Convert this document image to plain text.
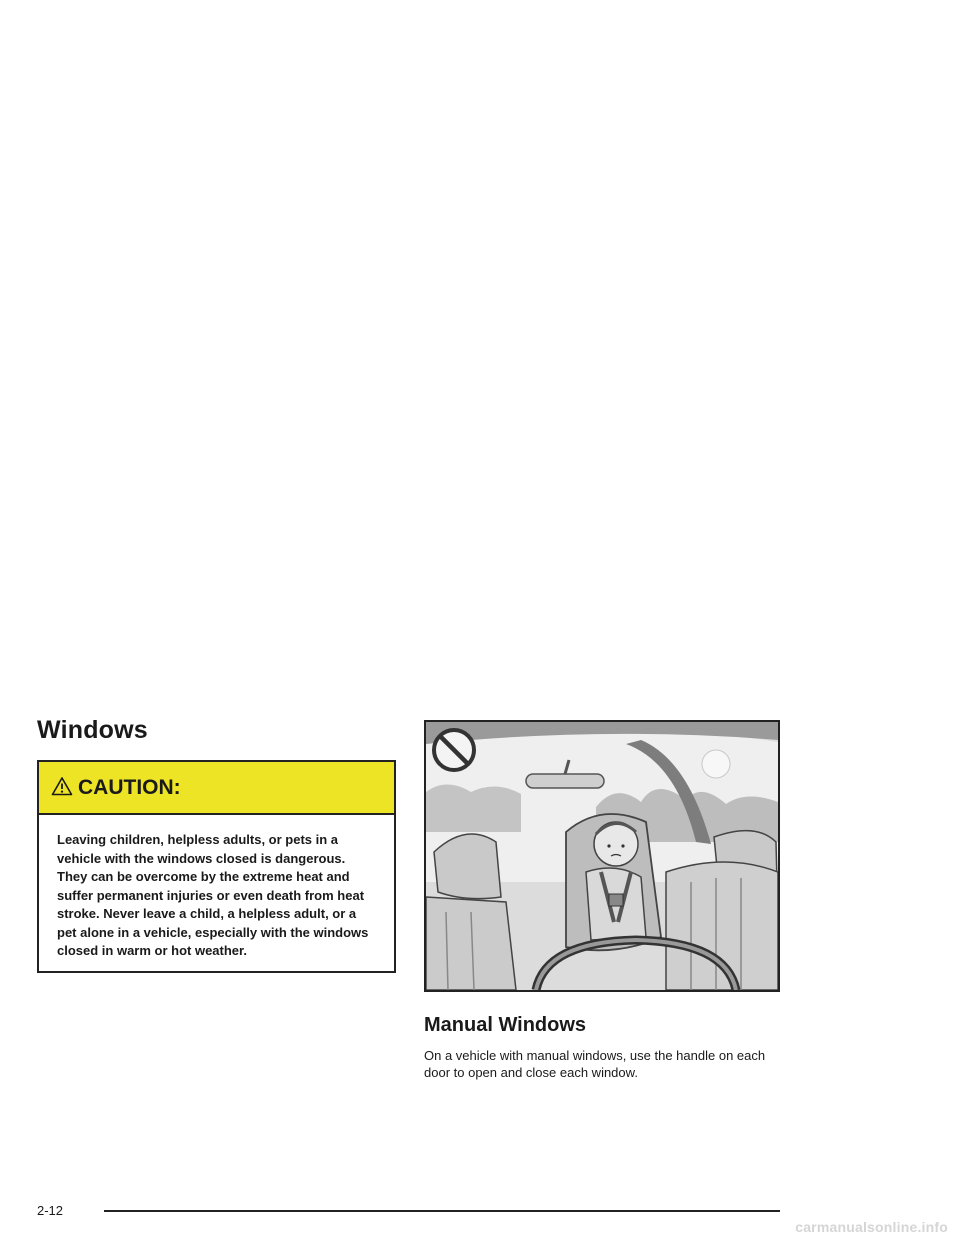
Windows
CAUTION:

Leaving children, helpless adults, or pets in a vehicle with the windows closed is dangerous. They can be overcome by the extreme heat and suffer permanent injuries or even death from heat stroke. Never leave a child, a helpless adult, or a pet alone in a vehicle, especially with the windows closed in warm or hot weather.

Manual Windows

On a vehicle with manual windows, use the handle on each door to open and close each window.

2-12
carmanualsonline.info
